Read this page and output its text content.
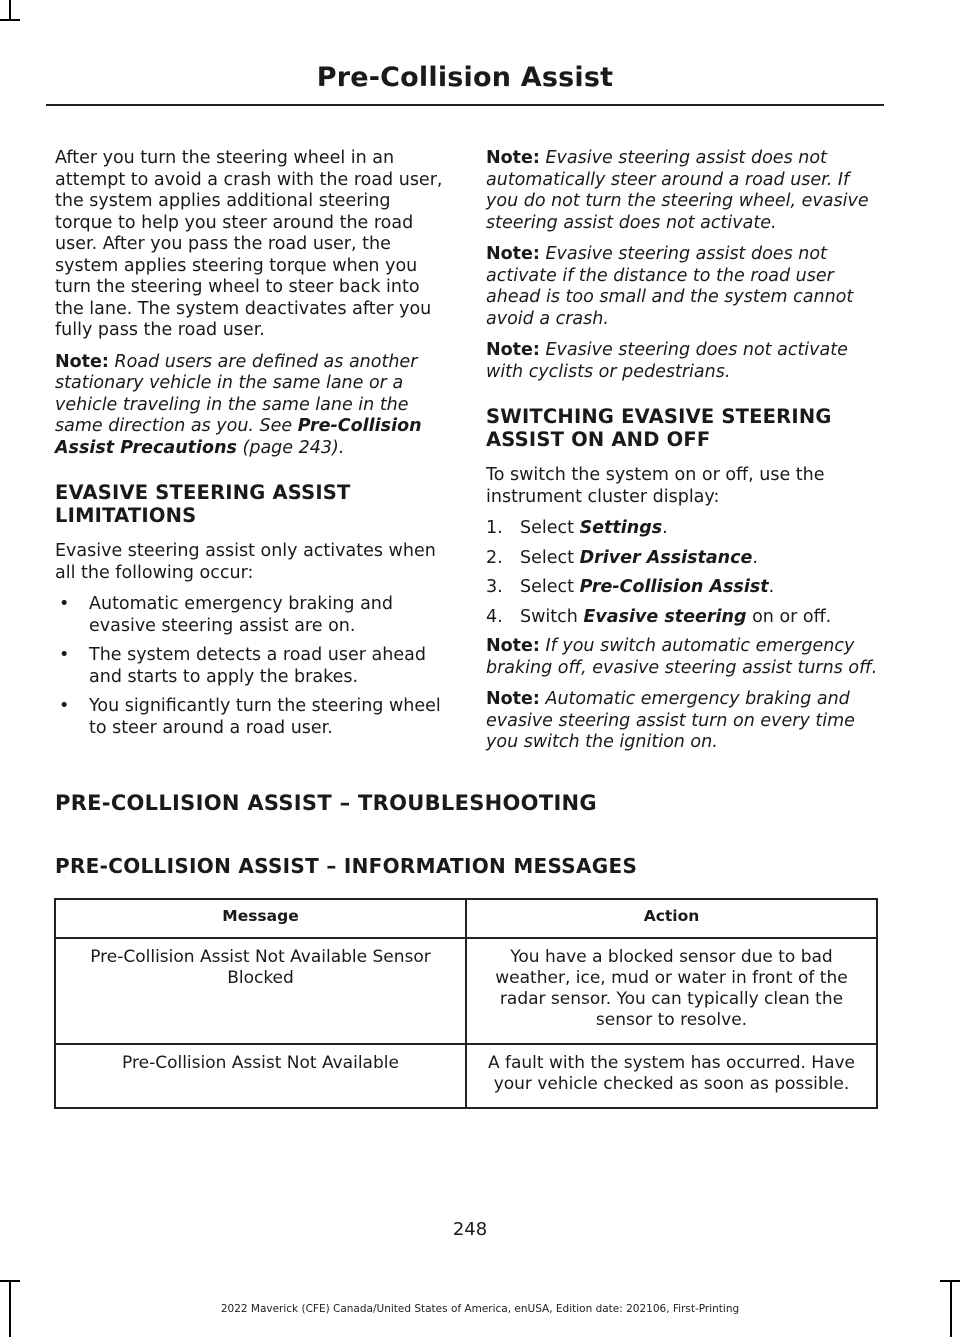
Pre-Collision Assist

After you turn the steering wheel in an attempt to avoid a crash with the road user, the system applies additional steering torque to help you steer around the road user. After you pass the road user, the system applies steering torque when you turn the steering wheel to steer back into the lane. The system deactivates after you fully pass the road user.

Note: Road users are defined as another stationary vehicle in the same lane or a vehicle traveling in the same lane in the same direction as you. See Pre-Collision Assist Precautions (page 243).

EVASIVE STEERING ASSIST LIMITATIONS

Evasive steering assist only activates when all the following occur:

• Automatic emergency braking and evasive steering assist are on.
• The system detects a road user ahead and starts to apply the brakes.
• You significantly turn the steering wheel to steer around a road user.

Note: Evasive steering assist does not automatically steer around a road user. If you do not turn the steering wheel, evasive steering assist does not activate.

Note: Evasive steering assist does not activate if the distance to the road user ahead is too small and the system cannot avoid a crash.

Note: Evasive steering does not activate with cyclists or pedestrians.

SWITCHING EVASIVE STEERING ASSIST ON AND OFF

To switch the system on or off, use the instrument cluster display:

1. Select Settings.
2. Select Driver Assistance.
3. Select Pre-Collision Assist.
4. Switch Evasive steering on or off.

Note: If you switch automatic emergency braking off, evasive steering assist turns off.

Note: Automatic emergency braking and evasive steering assist turn on every time you switch the ignition on.

PRE-COLLISION ASSIST – TROUBLESHOOTING
PRE-COLLISION ASSIST – INFORMATION MESSAGES
Message	Action
Pre-Collision Assist Not Available Sensor Blocked	You have a blocked sensor due to bad weather, ice, mud or water in front of the radar sensor. You can typically clean the sensor to resolve.
Pre-Collision Assist Not Available	A fault with the system has occurred. Have your vehicle checked as soon as possible.
248
2022 Maverick (CFE) Canada/United States of America, enUSA, Edition date: 202106, First-Printing
